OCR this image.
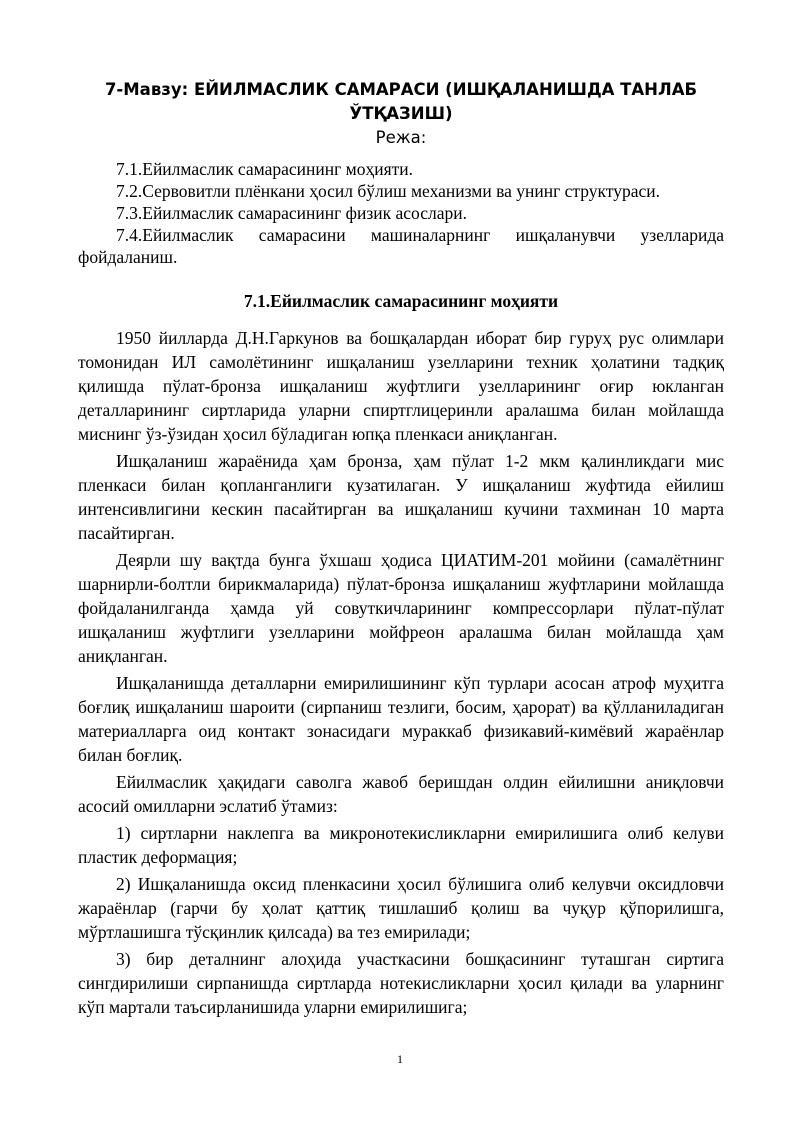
7-Мавзу: ЕЙИЛМАСЛИК САМАРАСИ (ИШҚАЛАНИШДА ТАНЛАБ ЎТҚАЗИШ)
Режа:

7.1.Ейилмаслик самарасининг моҳияти.

7.2.Сервовитли плёнкани ҳосил бўлиш механизми ва унинг структураси.

7.3.Ейилмаслик самарасининг физик асослари.

7.4.Ейилмаслик самарасини машиналарнинг ишқаланувчи узелларида фойдаланиш.

7.1.Ейилмаслик самарасининг моҳияти

1950 йилларда Д.Н.Гаркунов ва бошқалардан иборат бир гуруҳ рус олимлари томонидан ИЛ самолётининг ишқаланиш узелларини техник ҳолатини тадқиқ қилишда пўлат-бронза ишқаланиш жуфтлиги узелларининг оғир юкланган деталларининг сиртларида уларни спиртглицеринли аралашма билан мойлашда миснинг ўз-ўзидан ҳосил бўладиган юпқа пленкаси аниқланган.

Ишқаланиш жараёнида ҳам бронза, ҳам пўлат 1-2 мкм қалинликдаги мис пленкаси билан қопланганлиги кузатилаган. У ишқаланиш жуфтида ейилиш интенсивлигини кескин пасайтирган ва ишқаланиш кучини тахминан 10 марта пасайтирган.

Деярли шу вақтда бунга ўхшаш ҳодиса ЦИАТИМ-201 мойини (самалётнинг шарнирли-болтли бирикмаларида) пўлат-бронза ишқаланиш жуфтларини мойлашда фойдаланилганда ҳамда уй совуткичларининг компрессорлари пўлат-пўлат ишқаланиш жуфтлиги узелларини мойфреон аралашма билан мойлашда ҳам аниқланган.

Ишқаланишда деталларни емирилишининг кўп турлари асосан атроф муҳитга боғлиқ ишқаланиш шароити (сирпаниш тезлиги, босим, ҳарорат) ва қўлланиладиган материалларга оид контакт зонасидаги мураккаб физикавий-кимёвий жараёнлар билан боғлиқ.

Ейилмаслик ҳақидаги саволга жавоб беришдан олдин ейилишни аниқловчи асосий омилларни эслатиб ўтамиз:

1) сиртларни наклепга ва микронотекисликларни емирилишига олиб келуви пластик деформация;

2) Ишқаланишда оксид пленкасини ҳосил бўлишига олиб келувчи оксидловчи жараёнлар (гарчи бу ҳолат қаттиқ тишлашиб қолиш ва чуқур қўпорилишга, мўртлашишга тўсқинлик қилсада) ва тез емирилади;

3) бир деталнинг алоҳида участкасини бошқасининг туташган сиртига сингдирилиши сирпанишда сиртларда нотекисликларни ҳосил қилади ва уларнинг кўп мартали таъсирланишида уларни емирилишига;

1
